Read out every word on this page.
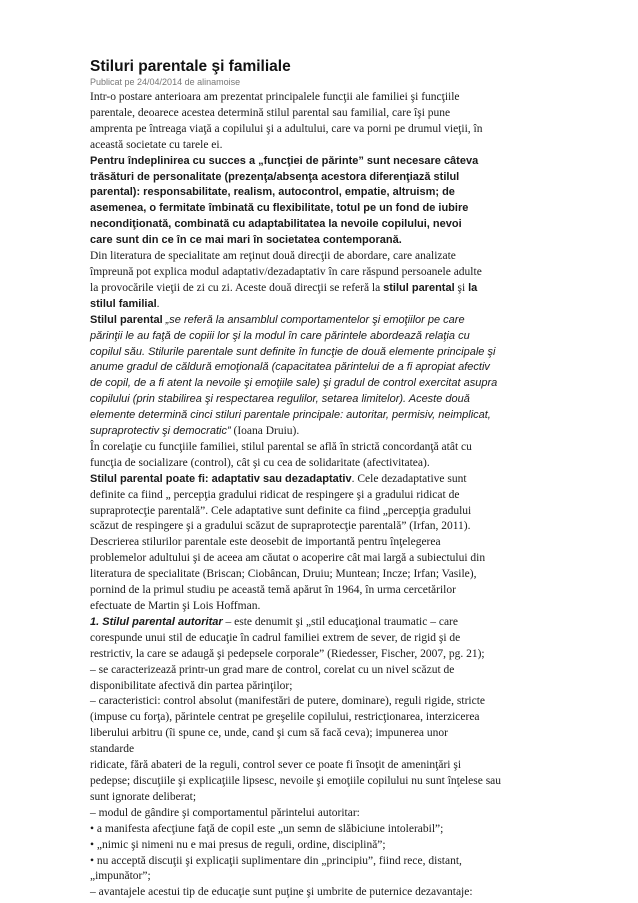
Stiluri parentale şi familiale
Publicat pe 24/04/2014 de alinamoise

Intr-o postare anterioara am prezentat principalele funcţii ale familiei şi funcţiile
parentale, deoarece acestea determină stilul parental sau familial, care îşi pune
amprenta pe întreaga viaţă a copilului şi a adultului, care va porni pe drumul vieţii, în
această societate cu tarele ei.

Pentru îndeplinirea cu succes a „funcţiei de părinte” sunt necesare câteva
trăsături de personalitate (prezenţa/absenţa acestora diferenţiază stilul
parental): responsabilitate, realism, autocontrol, empatie, altruism; de
asemenea, o fermitate îmbinată cu flexibilitate, totul pe un fond de iubire
necondiţionată, combinată cu adaptabilitatea la nevoile copilului, nevoi
care sunt din ce în ce mai mari în societatea contemporană.

Din literatura de specialitate am reţinut două direcţii de abordare, care analizate
împreună pot explica modul adaptativ/dezadaptativ în care răspund persoanele adulte
la provocările vieţii de zi cu zi. Aceste două direcţii se referă la stilul parental şi la
stilul familial.

Stilul parental „se referă la ansamblul comportamentelor şi emoţiilor pe care
părinţii le au faţă de copiii lor şi la modul în care părintele abordează relaţia cu
copilul său. Stilurile parentale sunt definite în funcţie de două elemente principale şi
anume gradul de căldură emoţională (capacitatea părintelui de a fi apropiat afectiv
de copil, de a fi atent la nevoile şi emoţiile sale) şi gradul de control exercitat asupra
copilului (prin stabilirea şi respectarea regulilor, setarea limitelor). Aceste două
elemente determină cinci stiluri parentale principale: autoritar, permisiv, neimplicat,
supraprotectiv şi democratic” (Ioana Druiu).

În corelaţie cu funcţiile familiei, stilul parental se află în strictă concordanţă atât cu
funcţia de socializare (control), cât şi cu cea de solidaritate (afectivitatea).

Stilul parental poate fi: adaptativ sau dezadaptativ. Cele dezadaptative sunt
definite ca fiind „ percepţia gradului ridicat de respingere şi a gradului ridicat de
supraprotecţie parentală”. Cele adaptative sunt definite ca fiind „percepţia gradului
scăzut de respingere şi a gradului scăzut de supraprotecţie parentală” (Irfan, 2011).
Descrierea stilurilor parentale este deosebit de importantă pentru înţelegerea
problemelor adultului şi de aceea am căutat o acoperire cât mai largă a subiectului din
literatura de specialitate (Briscan; Ciobâncan, Druiu; Muntean; Incze; Irfan; Vasile),
pornind de la primul studiu pe această temă apărut în 1964, în urma cercetărilor
efectuate de Martin şi Lois Hoffman.

1. Stilul parental autoritar – este denumit şi „stil educaţional traumatic – care
corespunde unui stil de educaţie în cadrul familiei extrem de sever, de rigid şi de
restrictiv, la care se adaugă şi pedepsele corporale” (Riedesser, Fischer, 2007, pg. 21);
– se caracterizează printr-un grad mare de control, corelat cu un nivel scăzut de
disponibilitate afectivă din partea părinţilor;
– caracteristici: control absolut (manifestări de putere, dominare), reguli rigide, stricte
(impuse cu forţa), părintele centrat pe greşelile copilului, restricţionarea, interzicerea
liberului arbitru (îi spune ce, unde, cand şi cum să facă ceva); impunerea unor
standarde
ridicate, fără abateri de la reguli, control sever ce poate fi însoţit de ameninţări şi
pedepse; discuţiile şi explicaţiile lipsesc, nevoile şi emoţiile copilului nu sunt înţelese sau
sunt ignorate deliberat;
– modul de gândire şi comportamentul părintelui autoritar:
• a manifesta afecţiune faţă de copil este „un semn de slăbiciune intolerabil”;
• „nimic şi nimeni nu e mai presus de reguli, ordine, disciplină”;
• nu acceptă discuţii şi explicaţii suplimentare din „principiu”, fiind rece, distant,
„impunător”;
– avantajele acestui tip de educaţie sunt puţine şi umbrite de puternice dezavantaje:
